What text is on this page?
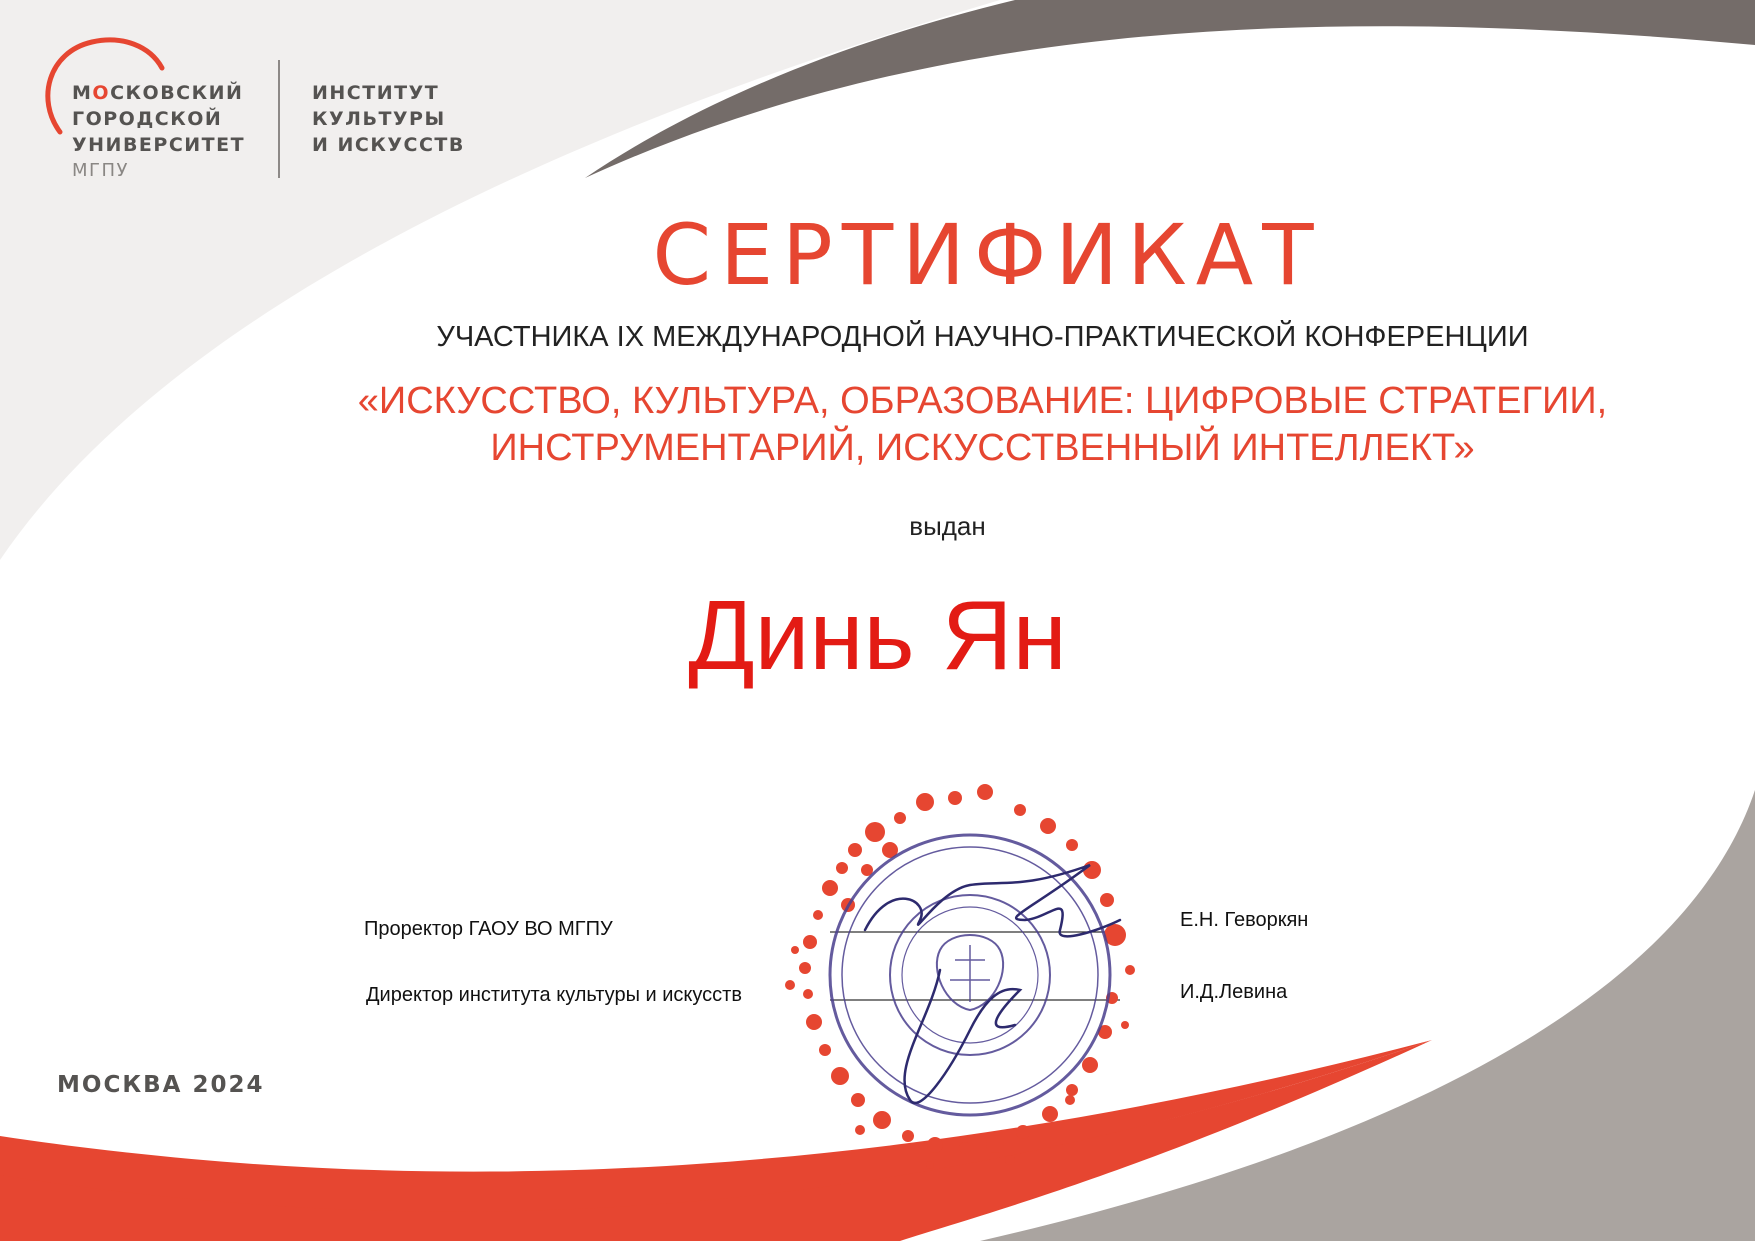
МОСКОВСКИЙ
ГОРОДСКОЙ
УНИВЕРСИТЕТ
МГПУ
ИНСТИТУТ
КУЛЬТУРЫ
И ИСКУССТВ
СЕРТИФИКАТ
УЧАСТНИКА IX МЕЖДУНАРОДНОЙ НАУЧНО-ПРАКТИЧЕСКОЙ КОНФЕРЕНЦИИ
«ИСКУССТВО, КУЛЬТУРА, ОБРАЗОВАНИЕ: ЦИФРОВЫЕ СТРАТЕГИИ,
ИНСТРУМЕНТАРИЙ, ИСКУССТВЕННЫЙ ИНТЕЛЛЕКТ»
выдан
Динь Ян
Проректор ГАОУ ВО МГПУ	Е.Н. Геворкян
Директор института культуры и искусств	И.Д.Левина
МОСКВА 2024
